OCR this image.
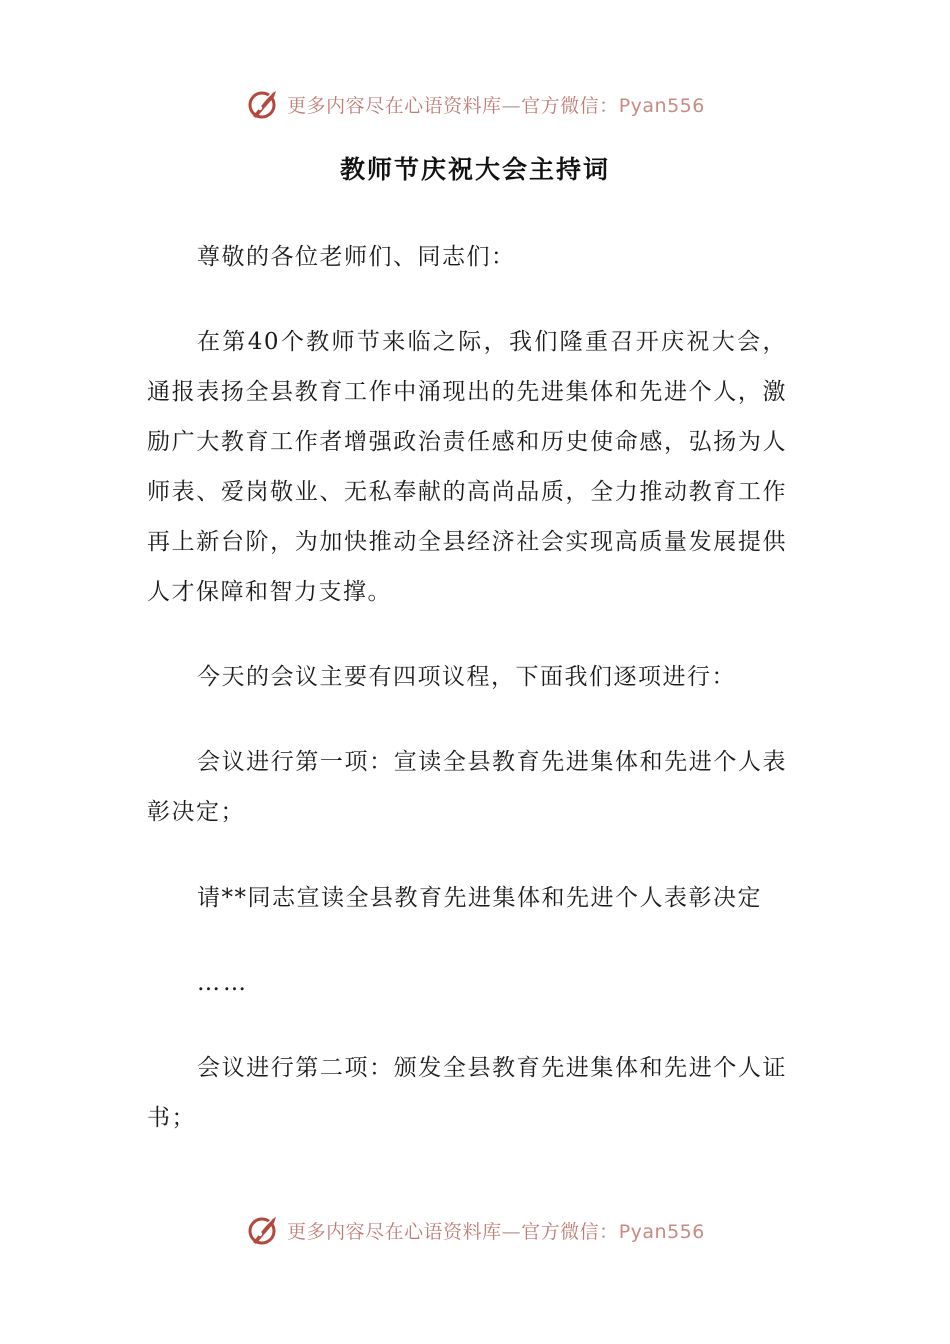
更多内容尽在心语资料库—官方微信：Pyan556
教师节庆祝大会主持词

尊敬的各位老师们、同志们：

在第40个教师节来临之际，我们隆重召开庆祝大会，通报表扬全县教育工作中涌现出的先进集体和先进个人，激励广大教育工作者增强政治责任感和历史使命感，弘扬为人师表、爱岗敬业、无私奉献的高尚品质，全力推动教育工作再上新台阶，为加快推动全县经济社会实现高质量发展提供人才保障和智力支撑。

今天的会议主要有四项议程，下面我们逐项进行：

会议进行第一项：宣读全县教育先进集体和先进个人表彰决定；

请**同志宣读全县教育先进集体和先进个人表彰决定

……

会议进行第二项：颁发全县教育先进集体和先进个人证书；

更多内容尽在心语资料库—官方微信：Pyan556
